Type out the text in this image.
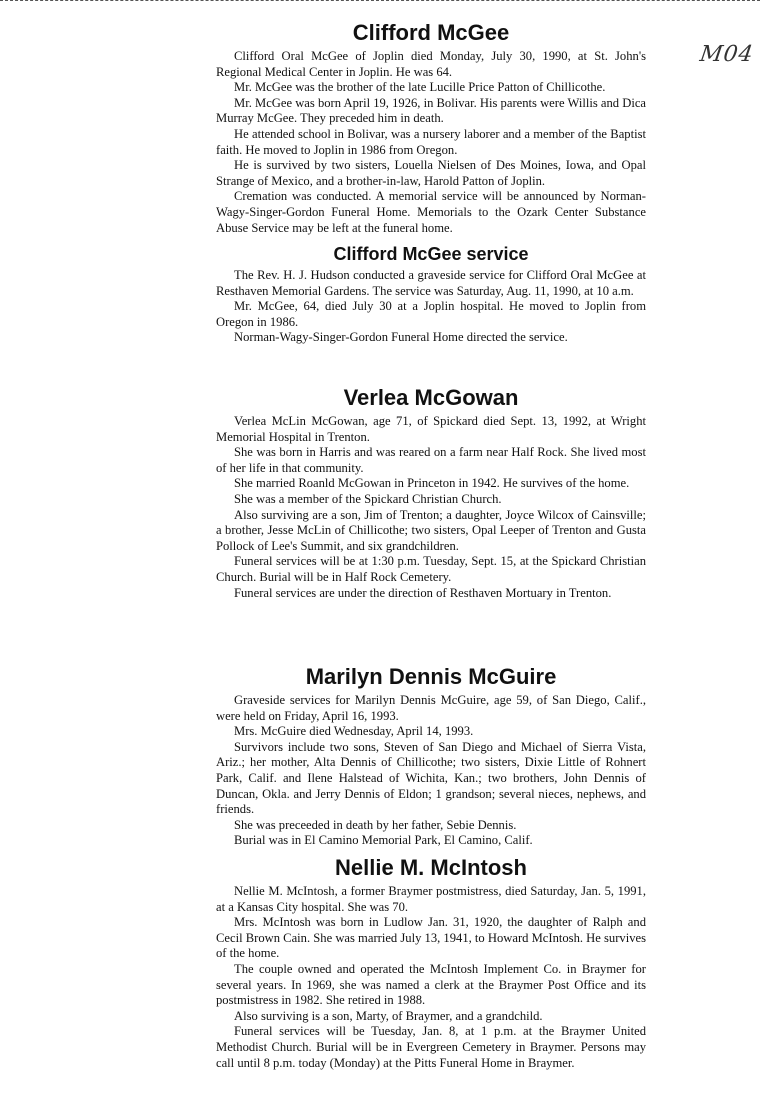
M04
Clifford McGee

Clifford Oral McGee of Joplin died Monday, July 30, 1990, at St. John's Regional Medical Center in Joplin. He was 64.

Mr. McGee was the brother of the late Lucille Price Patton of Chillicothe.

Mr. McGee was born April 19, 1926, in Bolivar. His parents were Willis and Dica Murray McGee. They preceded him in death.

He attended school in Bolivar, was a nursery laborer and a member of the Baptist faith. He moved to Joplin in 1986 from Oregon.

He is survived by two sisters, Louella Nielsen of Des Moines, Iowa, and Opal Strange of Mexico, and a brother-in-law, Harold Patton of Joplin.

Cremation was conducted. A memorial service will be announced by Norman-Wagy-Singer-Gordon Funeral Home. Memorials to the Ozark Center Substance Abuse Service may be left at the funeral home.

Clifford McGee service

The Rev. H. J. Hudson conducted a graveside service for Clifford Oral McGee at Resthaven Memorial Gardens. The service was Saturday, Aug. 11, 1990, at 10 a.m.

Mr. McGee, 64, died July 30 at a Joplin hospital. He moved to Joplin from Oregon in 1986.

Norman-Wagy-Singer-Gordon Funeral Home directed the service.

Verlea McGowan

Verlea McLin McGowan, age 71, of Spickard died Sept. 13, 1992, at Wright Memorial Hospital in Trenton.

She was born in Harris and was reared on a farm near Half Rock. She lived most of her life in that community.

She married Roanld McGowan in Princeton in 1942. He survives of the home.

She was a member of the Spickard Christian Church.

Also surviving are a son, Jim of Trenton; a daughter, Joyce Wilcox of Cainsville; a brother, Jesse McLin of Chillicothe; two sisters, Opal Leeper of Trenton and Gusta Pollock of Lee's Summit, and six grandchildren.

Funeral services will be at 1:30 p.m. Tuesday, Sept. 15, at the Spickard Christian Church. Burial will be in Half Rock Cemetery.

Funeral services are under the direction of Resthaven Mortuary in Trenton.

Marilyn Dennis McGuire

Graveside services for Marilyn Dennis McGuire, age 59, of San Diego, Calif., were held on Friday, April 16, 1993.

Mrs. McGuire died Wednesday, April 14, 1993.

Survivors include two sons, Steven of San Diego and Michael of Sierra Vista, Ariz.; her mother, Alta Dennis of Chillicothe; two sisters, Dixie Little of Rohnert Park, Calif. and Ilene Halstead of Wichita, Kan.; two brothers, John Dennis of Duncan, Okla. and Jerry Dennis of Eldon; 1 grandson; several nieces, nephews, and friends.

She was preceeded in death by her father, Sebie Dennis.

Burial was in El Camino Memorial Park, El Camino, Calif.

Nellie M. McIntosh

Nellie M. McIntosh, a former Braymer postmistress, died Saturday, Jan. 5, 1991, at a Kansas City hospital. She was 70.

Mrs. McIntosh was born in Ludlow Jan. 31, 1920, the daughter of Ralph and Cecil Brown Cain. She was married July 13, 1941, to Howard McIntosh. He survives of the home.

The couple owned and operated the McIntosh Implement Co. in Braymer for several years. In 1969, she was named a clerk at the Braymer Post Office and its postmistress in 1982. She retired in 1988.

Also surviving is a son, Marty, of Braymer, and a grandchild.

Funeral services will be Tuesday, Jan. 8, at 1 p.m. at the Braymer United Methodist Church. Burial will be in Evergreen Cemetery in Braymer. Persons may call until 8 p.m. today (Monday) at the Pitts Funeral Home in Braymer.
